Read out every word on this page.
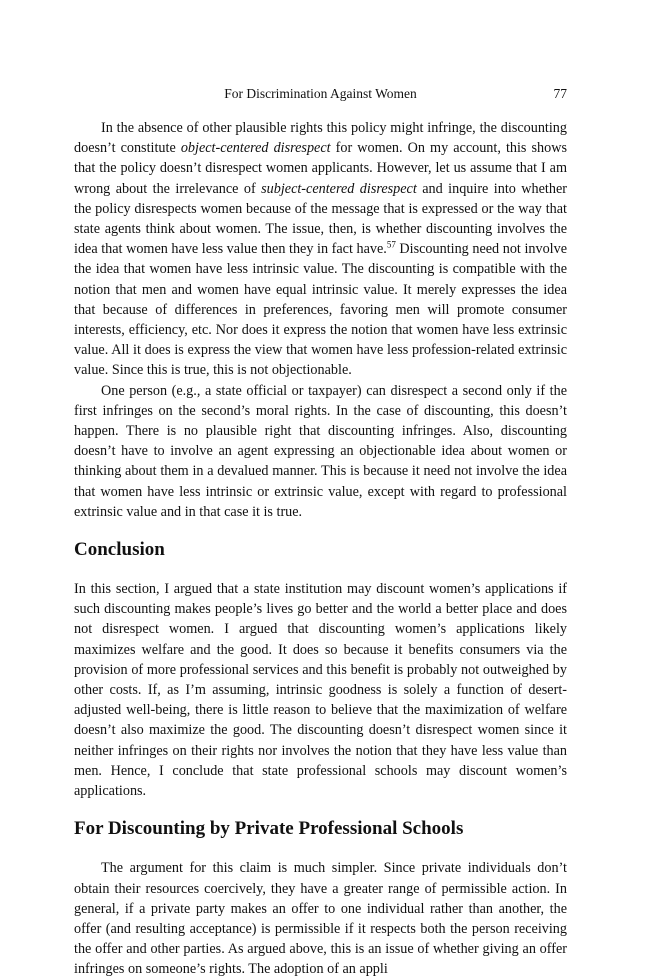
For Discrimination Against Women	77

In the absence of other plausible rights this policy might infringe, the discounting doesn’t constitute object-centered disrespect for women. On my account, this shows that the policy doesn’t disrespect women applicants. However, let us assume that I am wrong about the irrelevance of subject-centered disrespect and inquire into whether the policy disrespects women because of the message that is expressed or the way that state agents think about women. The issue, then, is whether discounting involves the idea that women have less value then they in fact have.$^{57}$ Discounting need not involve the idea that women have less intrinsic value. The discounting is compatible with the notion that men and women have equal intrinsic value. It merely expresses the idea that because of differences in preferences, favoring men will promote consumer interests, efficiency, etc. Nor does it express the notion that women have less extrinsic value. All it does is express the view that women have less profession-related extrinsic value. Since this is true, this is not objectionable.

One person (e.g., a state official or taxpayer) can disrespect a second only if the first infringes on the second’s moral rights. In the case of discounting, this doesn’t happen. There is no plausible right that discounting infringes. Also, discounting doesn’t have to involve an agent expressing an objectionable idea about women or thinking about them in a devalued manner. This is because it need not involve the idea that women have less intrinsic or extrinsic value, except with regard to professional extrinsic value and in that case it is true.

Conclusion

In this section, I argued that a state institution may discount women’s applications if such discounting makes people’s lives go better and the world a better place and does not disrespect women. I argued that discounting women’s applications likely maximizes welfare and the good. It does so because it benefits consumers via the provision of more professional services and this benefit is probably not outweighed by other costs. If, as I’m assuming, intrinsic goodness is solely a function of desert-adjusted well-being, there is little reason to believe that the maximization of welfare doesn’t also maximize the good. The discounting doesn’t disrespect women since it neither infringes on their rights nor involves the notion that they have less value than men. Hence, I conclude that state professional schools may discount women’s applications.

For Discounting by Private Professional Schools

The argument for this claim is much simpler. Since private individuals don’t obtain their resources coercively, they have a greater range of permissible action. In general, if a private party makes an offer to one individual rather than another, the offer (and resulting acceptance) is permissible if it respects both the person receiving the offer and other parties. As argued above, this is an issue of whether giving an offer infringes on someone’s rights. The adoption of an appli
